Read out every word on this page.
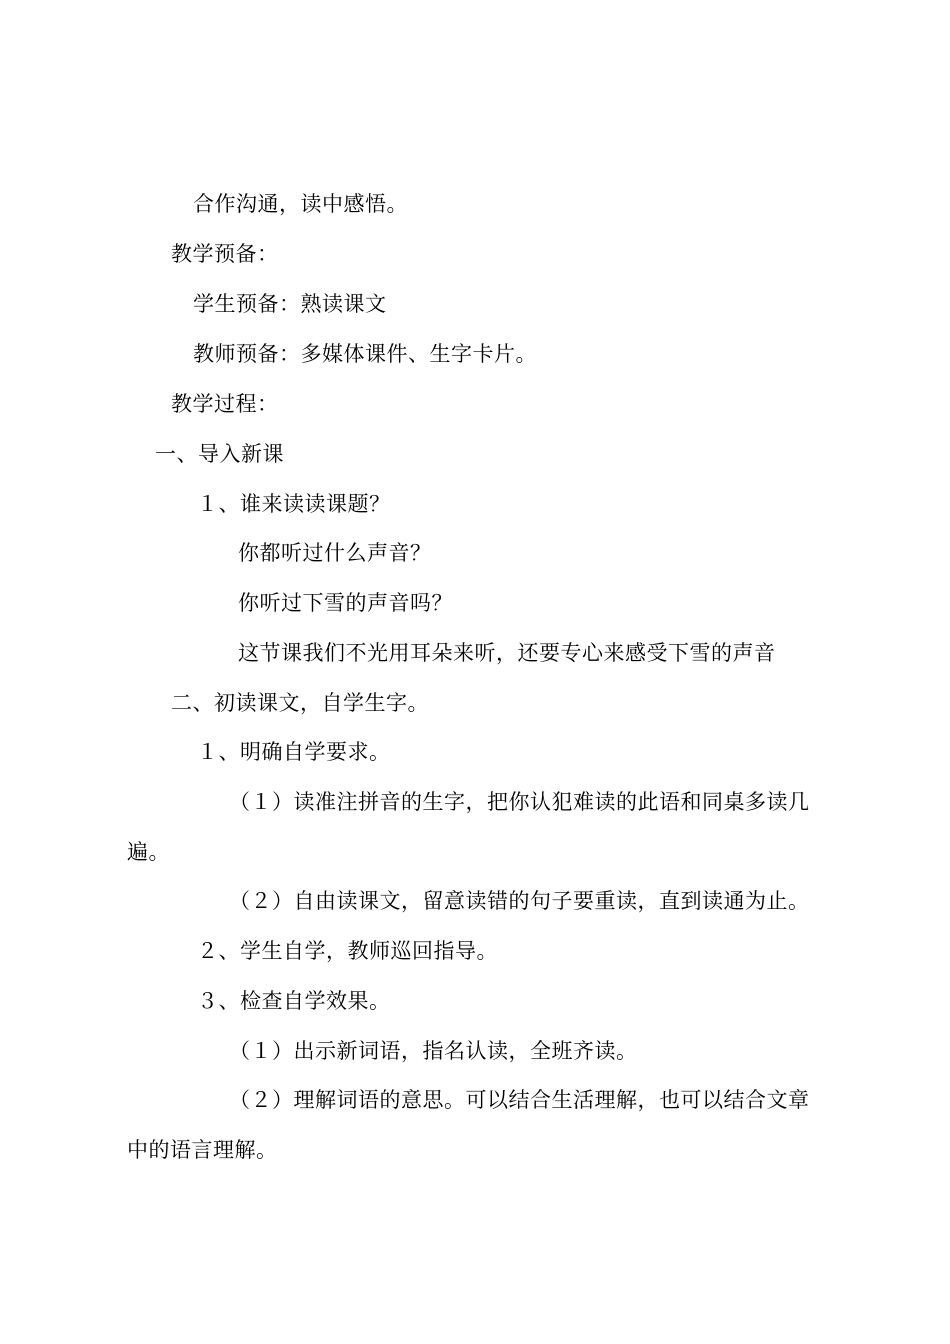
合作沟通，读中感悟。
教学预备：
学生预备：熟读课文
教师预备：多媒体课件、生字卡片。
教学过程：
一、导入新课
１、谁来读读课题？
你都听过什么声音？
你听过下雪的声音吗？
这节课我们不光用耳朵来听，还要专心来感受下雪的声音
二、初读课文，自学生字。
１、明确自学要求。
（１）读准注拼音的生字，把你认犯难读的此语和同桌多读几
遍。
（２）自由读课文，留意读错的句子要重读，直到读通为止。
２、学生自学，教师巡回指导。
３、检查自学效果。
（１）出示新词语，指名认读，全班齐读。
（２）理解词语的意思。可以结合生活理解，也可以结合文章
中的语言理解。
